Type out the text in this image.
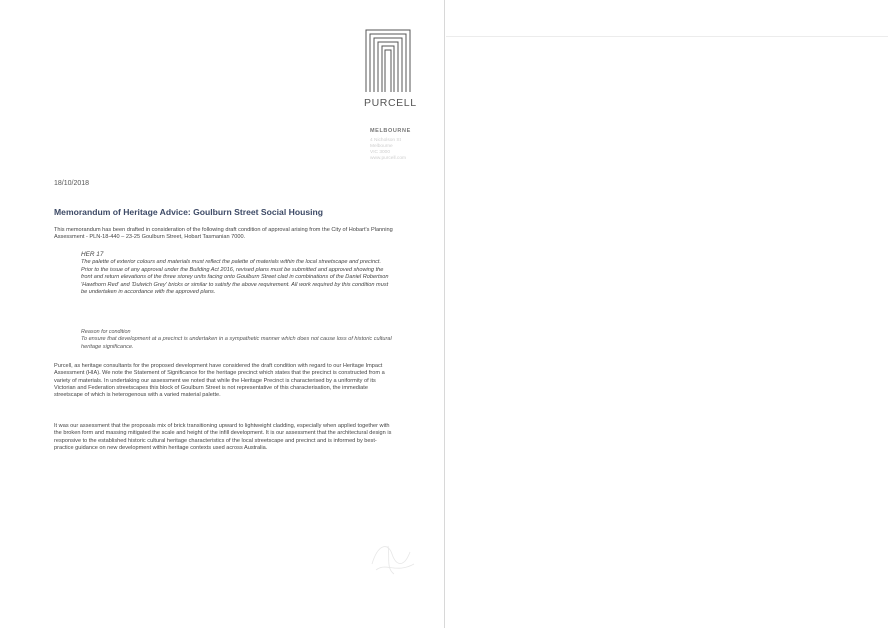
PURCELL
MELBOURNE
4 Nicholson St
Melbourne
VIC 3000
www.purcell.com
18/10/2018
Memorandum of Heritage Advice: Goulburn Street Social Housing
This memorandum has been drafted in consideration of the following draft condition of approval arising from the City of Hobart's Planning Assessment - PLN-18-440 – 23-25 Goulburn Street, Hobart Tasmanian 7000.
HER 17
The palette of exterior colours and materials must reflect the palette of materials within the local streetscape and precinct. Prior to the issue of any approval under the Building Act 2016, revised plans must be submitted and approved showing the front and return elevations of the three storey units facing onto Goulburn Street clad in combinations of the Daniel Robertson 'Hawthorn Red' and 'Dulwich Grey' bricks or similar to satisfy the above requirement. All work required by this condition must be undertaken in accordance with the approved plans.
Reason for condition
To ensure that development at a precinct is undertaken in a sympathetic manner which does not cause loss of historic cultural heritage significance.
Purcell, as heritage consultants for the proposed development have considered the draft condition with regard to our Heritage Impact Assessment (HIA). We note the Statement of Significance for the heritage precinct which states that the precinct is constructed from a variety of materials. In undertaking our assessment we noted that while the Heritage Precinct is characterised by a uniformity of its Victorian and Federation streetscapes this block of Goulburn Street is not representative of this characterisation, the immediate streetscape of which is heterogenous with a varied material palette.
It was our assessment that the proposals mix of brick transitioning upward to lightweight cladding, especially when applied together with the broken form and massing mitigated the scale and height of the infill development. It is our assessment that the architectural design is responsive to the established historic cultural heritage characteristics of the local streetscape and precinct and is informed by best-practice guidance on new development within heritage contexts used across Australia.
